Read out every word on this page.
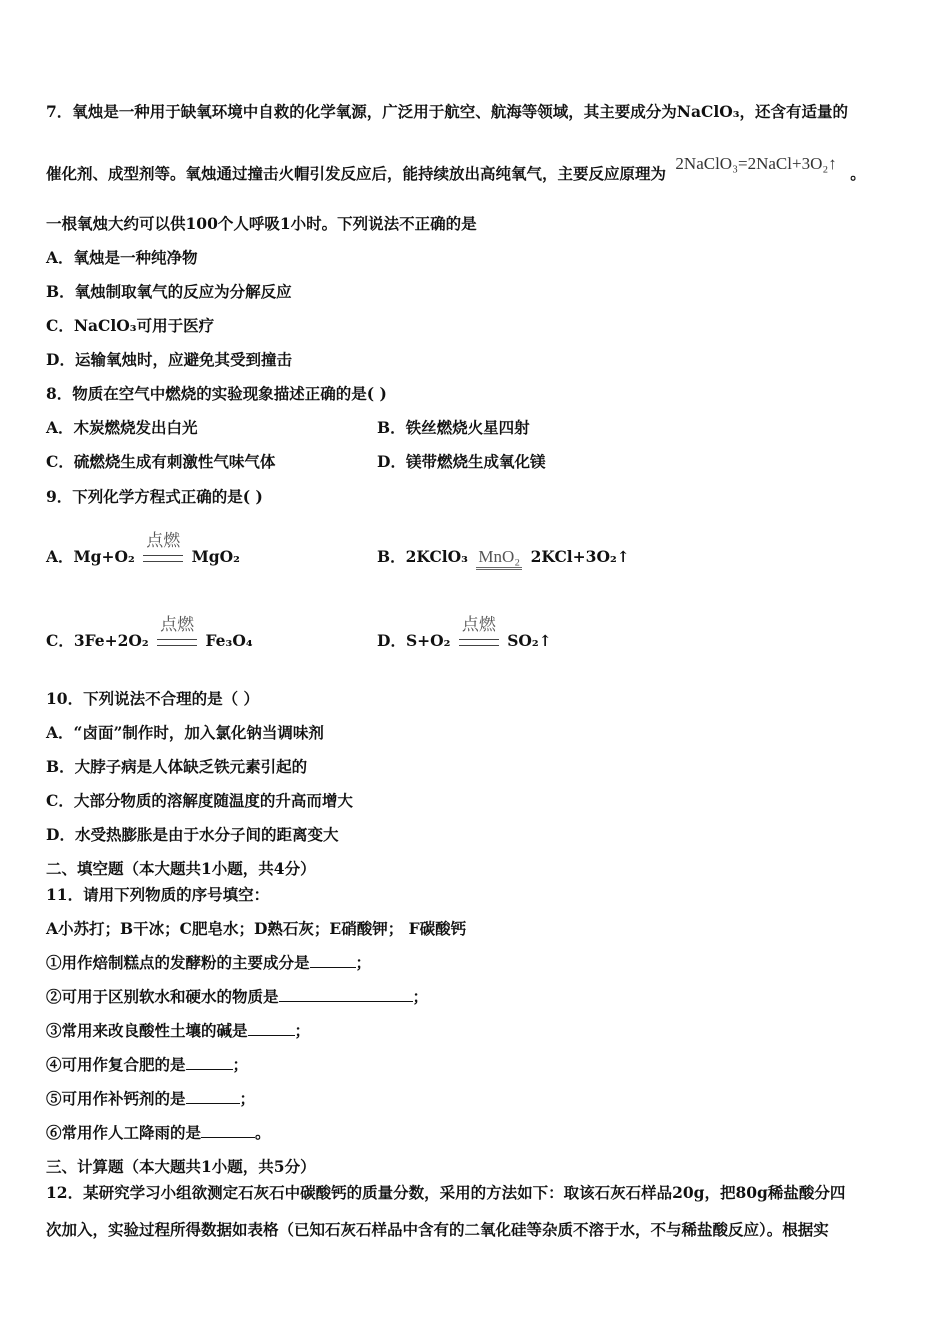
7．氧烛是一种用于缺氧环境中自救的化学氧源，广泛用于航空、航海等领域，其主要成分为NaClO₃，还含有适量的
催化剂、成型剂等。氧烛通过撞击火帽引发反应后，能持续放出高纯氧气，主要反应原理为 2NaClO₃=2NaCl+3O₂↑ 。
一根氧烛大约可以供100个人呼吸1小时。下列说法不正确的是
A．氧烛是一种纯净物
B．氧烛制取氧气的反应为分解反应
C．NaClO₃可用于医疗
D．运输氧烛时，应避免其受到撞击
8．物质在空气中燃烧的实验现象描述正确的是( )
A．木炭燃烧发出白光	B．铁丝燃烧火星四射
C．硫燃烧生成有刺激性气味气体	D．镁带燃烧生成氧化镁
9．下列化学方程式正确的是( )
A．Mg+O₂
点燃
MgO₂	B．2KClO₃ MnO₂ 2KCl+3O₂↑
C．3Fe+2O₂
点燃
Fe₃O₄	D．S+O₂
点燃
SO₂↑
10．下列说法不合理的是（ ）
A．“卤面”制作时，加入氯化钠当调味剂
B．大脖子病是人体缺乏铁元素引起的
C．大部分物质的溶解度随温度的升高而增大
D．水受热膨胀是由于水分子间的距离变大
二、填空题（本大题共1小题，共4分）
11．请用下列物质的序号填空：
A小苏打；B干冰；C肥皂水；D熟石灰；E硝酸钾； F碳酸钙
①用作焙制糕点的发酵粉的主要成分是	；
②可用于区别软水和硬水的物质是	；
③常用来改良酸性土壤的碱是	；
④可用作复合肥的是	；
⑤可用作补钙剂的是	；
⑥常用作人工降雨的是	。
三、计算题（本大题共1小题，共5分）
12．某研究学习小组欲测定石灰石中碳酸钙的质量分数，采用的方法如下：取该石灰石样品20g，把80g稀盐酸分四
次加入，实验过程所得数据如表格（已知石灰石样品中含有的二氧化硅等杂质不溶于水，不与稀盐酸反应）。根据实
